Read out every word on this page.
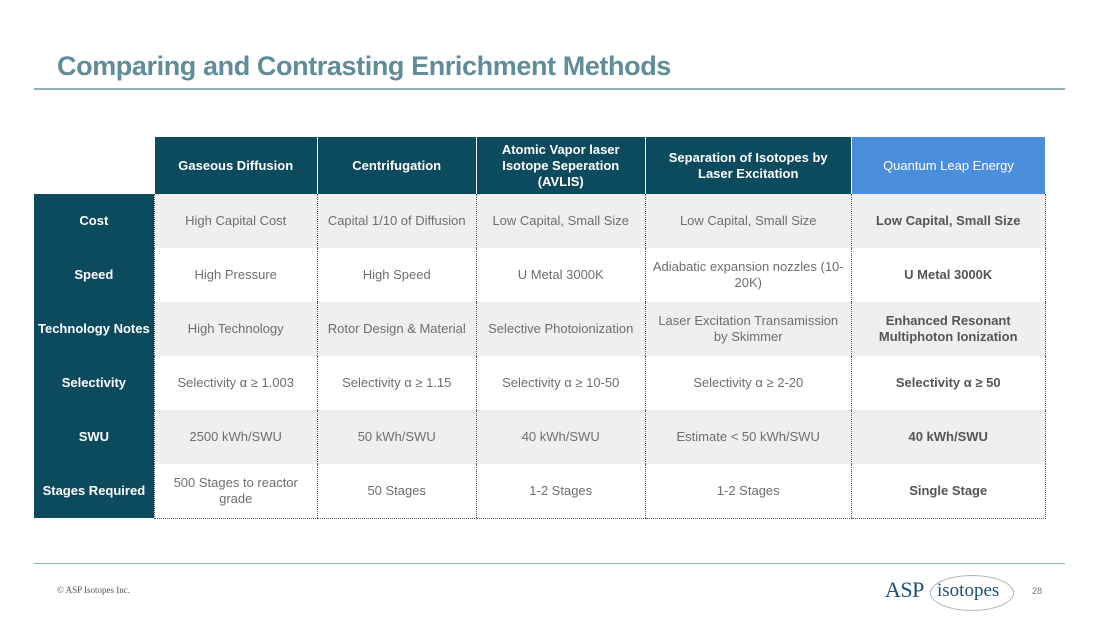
Comparing and Contrasting Enrichment Methods
	Gaseous Diffusion	Centrifugation	Atomic Vapor laser Isotope Seperation (AVLIS)	Separation of Isotopes by Laser Excitation	Quantum Leap Energy
Cost	High Capital Cost	Capital 1/10 of Diffusion	Low Capital, Small Size	Low Capital, Small Size	Low Capital, Small Size
Speed	High Pressure	High Speed	U Metal 3000K	Adiabatic expansion nozzles (10-20K)	U Metal 3000K
Technology Notes	High Technology	Rotor Design & Material	Selective Photoionization	Laser Excitation Transamission by Skimmer	Enhanced Resonant Multiphoton Ionization
Selectivity	Selectivity α ≥ 1.003	Selectivity α ≥ 1.15	Selectivity α ≥ 10-50	Selectivity α ≥ 2-20	Selectivity α ≥ 50
SWU	2500 kWh/SWU	50 kWh/SWU	40 kWh/SWU	Estimate < 50 kWh/SWU	40 kWh/SWU
Stages Required	500 Stages to reactor grade	50 Stages	1-2 Stages	1-2 Stages	Single Stage
© ASP Isotopes Inc.	ASP isotopes	28
